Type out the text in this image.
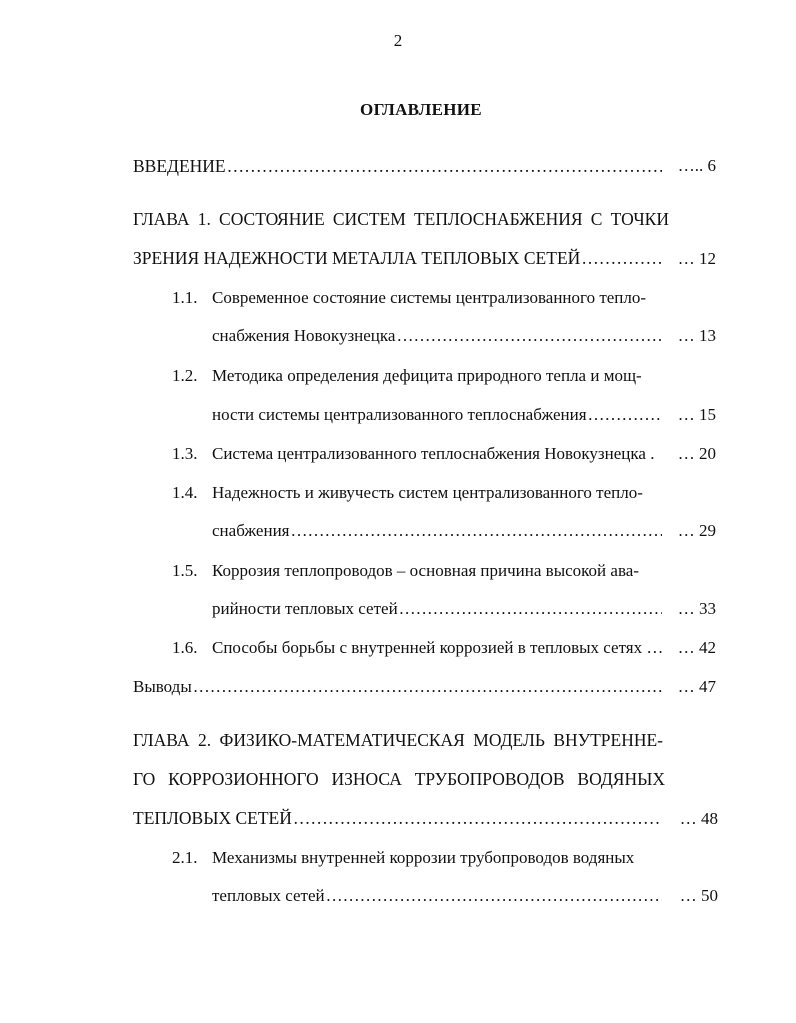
2
ОГЛАВЛЕНИЕ
ВВЕДЕНИЕ …………………………………………………………………………………………………………………………………………………………………	….. 6
ГЛАВА 1. СОСТОЯНИЕ СИСТЕМ ТЕПЛОСНАБЖЕНИЯ С ТОЧКИ
ЗРЕНИЯ НАДЕЖНОСТИ МЕТАЛЛА ТЕПЛОВЫХ СЕТЕЙ …………………………………………………………………………………………………………………………………………………………………	… 12
1.1. Современное состояние системы централизованного тепло-
снабжения Новокузнецка …………………………………………………………………………………………………………………………………………………………………	… 13
1.2. Методика определения дефицита природного тепла и мощ-
ности системы централизованного теплоснабжения …………………………………………………………………………………………………………………………………………………………………	… 15
1.3. Система централизованного теплоснабжения Новокузнецка .	… 20
1.4. Надежность и живучесть систем централизованного тепло-
снабжения …………………………………………………………………………………………………………………………………………………………………	… 29
1.5. Коррозия теплопроводов – основная причина высокой ава-
рийности тепловых сетей …………………………………………………………………………………………………………………………………………………………………	… 33
1.6. Способы борьбы с внутренней коррозией в тепловых сетях … … 42
Выводы …………………………………………………………………………………………………………………………………………………………………	… 47
ГЛАВА 2. ФИЗИКО-МАТЕМАТИЧЕСКАЯ МОДЕЛЬ ВНУТРЕННЕ-
ГО КОРРОЗИОННОГО ИЗНОСА ТРУБОПРОВОДОВ ВОДЯНЫХ
ТЕПЛОВЫХ СЕТЕЙ …………………………………………………………………………………………………………………………………………………………………	… 48
2.1. Механизмы внутренней коррозии трубопроводов водяных
тепловых сетей …………………………………………………………………………………………………………………………………………………………………	… 50
